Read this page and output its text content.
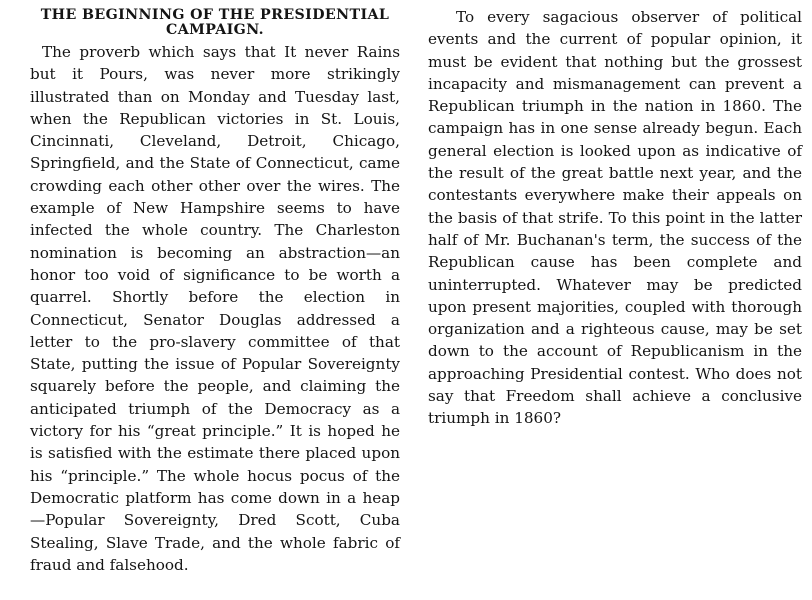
THE BEGINNING OF THE PRESIDENTIAL CAMPAIGN.

The proverb which says that It never Rains but it Pours, was never more strikingly illustrated than on Monday and Tuesday last, when the Republican victories in St. Louis, Cincinnati, Cleveland, Detroit, Chicago, Springfield, and the State of Connecticut, came crowding each other other over the wires. The example of New Hampshire seems to have infected the whole country. The Charleston nomination is becoming an abstraction—an honor too void of significance to be worth a quarrel. Shortly before the election in Connecticut, Senator Douglas addressed a letter to the pro-slavery committee of that State, putting the issue of Popular Sovereignty squarely before the people, and claiming the anticipated triumph of the Democracy as a victory for his “great principle.” It is hoped he is satisfied with the estimate there placed upon his “principle.” The whole hocus pocus of the Democratic platform has come down in a heap—Popular Sovereignty, Dred Scott, Cuba Stealing, Slave Trade, and the whole fabric of fraud and falsehood.

To every sagacious observer of political events and the current of popular opinion, it must be evident that nothing but the grossest incapacity and mismanagement can prevent a Republican triumph in the nation in 1860. The campaign has in one sense already begun. Each general election is looked upon as indicative of the result of the great battle next year, and the contestants everywhere make their appeals on the basis of that strife. To this point in the latter half of Mr. Buchanan's term, the success of the Republican cause has been complete and uninterrupted. Whatever may be predicted upon present majorities, coupled with thorough organization and a righteous cause, may be set down to the account of Republicanism in the approaching Presidential contest. Who does not say that Freedom shall achieve a conclusive triumph in 1860?
